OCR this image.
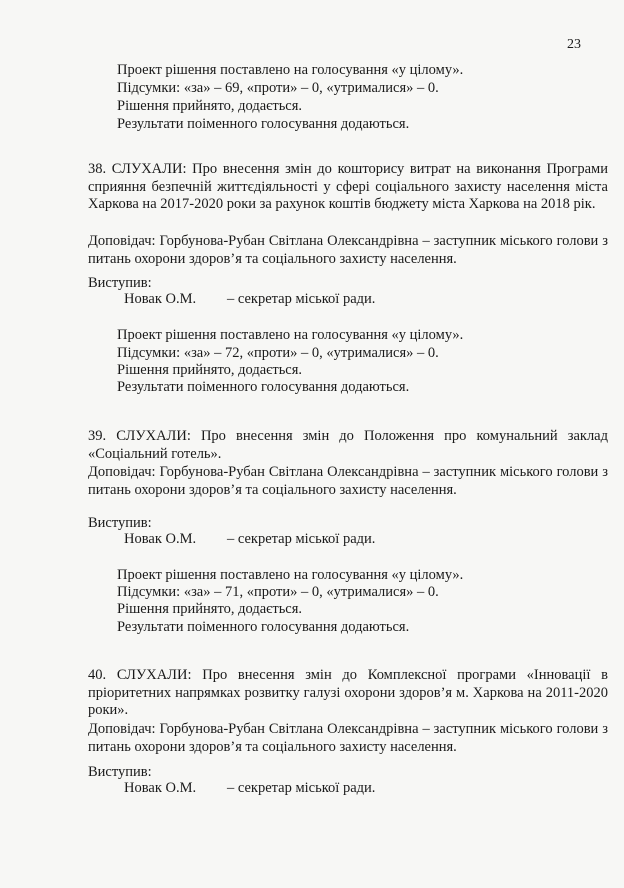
23
Проект рішення поставлено на голосування «у цілому».
Підсумки: «за» – 69, «проти» – 0, «утрималися» – 0.
Рішення прийнято, додається.
Результати поіменного голосування додаються.
38. СЛУХАЛИ: Про внесення змін до кошторису витрат на виконання Програми сприяння безпечній життєдіяльності у сфері соціального захисту населення міста Харкова на 2017-2020 роки за рахунок коштів бюджету міста Харкова на 2018 рік.
Доповідач: Горбунова-Рубан Світлана Олександрівна – заступник міського голови з питань охорони здоров’я та соціального захисту населення.
Виступив:
Новак О.М. – секретар міської ради.
Проект рішення поставлено на голосування «у цілому».
Підсумки: «за» – 72, «проти» – 0, «утрималися» – 0.
Рішення прийнято, додається.
Результати поіменного голосування додаються.
39. СЛУХАЛИ: Про внесення змін до Положення про комунальний заклад «Соціальний готель».
Доповідач: Горбунова-Рубан Світлана Олександрівна – заступник міського голови з питань охорони здоров’я та соціального захисту населення.
Виступив:
Новак О.М. – секретар міської ради.
Проект рішення поставлено на голосування «у цілому».
Підсумки: «за» – 71, «проти» – 0, «утрималися» – 0.
Рішення прийнято, додається.
Результати поіменного голосування додаються.
40. СЛУХАЛИ: Про внесення змін до Комплексної програми «Інновації в пріоритетних напрямках розвитку галузі охорони здоров’я м. Харкова на 2011-2020 роки».
Доповідач: Горбунова-Рубан Світлана Олександрівна – заступник міського голови з питань охорони здоров’я та соціального захисту населення.
Виступив:
Новак О.М. – секретар міської ради.
